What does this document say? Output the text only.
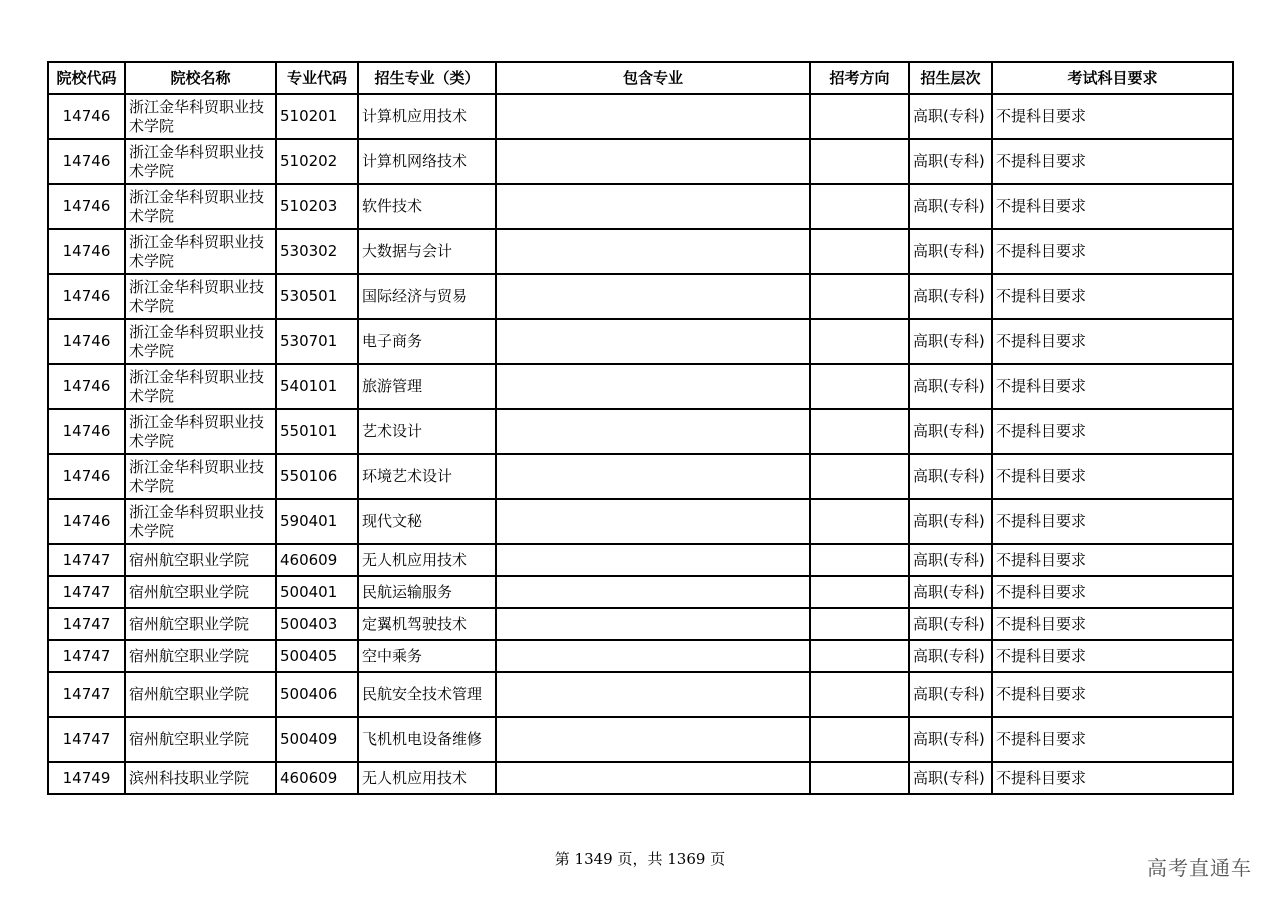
院校代码	院校名称	专业代码	招生专业（类）	包含专业	招考方向	招生层次	考试科目要求
14746	浙江金华科贸职业技术学院	510201	计算机应用技术			高职(专科)	不提科目要求
14746	浙江金华科贸职业技术学院	510202	计算机网络技术			高职(专科)	不提科目要求
14746	浙江金华科贸职业技术学院	510203	软件技术			高职(专科)	不提科目要求
14746	浙江金华科贸职业技术学院	530302	大数据与会计			高职(专科)	不提科目要求
14746	浙江金华科贸职业技术学院	530501	国际经济与贸易			高职(专科)	不提科目要求
14746	浙江金华科贸职业技术学院	530701	电子商务			高职(专科)	不提科目要求
14746	浙江金华科贸职业技术学院	540101	旅游管理			高职(专科)	不提科目要求
14746	浙江金华科贸职业技术学院	550101	艺术设计			高职(专科)	不提科目要求
14746	浙江金华科贸职业技术学院	550106	环境艺术设计			高职(专科)	不提科目要求
14746	浙江金华科贸职业技术学院	590401	现代文秘			高职(专科)	不提科目要求
14747	宿州航空职业学院	460609	无人机应用技术			高职(专科)	不提科目要求
14747	宿州航空职业学院	500401	民航运输服务			高职(专科)	不提科目要求
14747	宿州航空职业学院	500403	定翼机驾驶技术			高职(专科)	不提科目要求
14747	宿州航空职业学院	500405	空中乘务			高职(专科)	不提科目要求
14747	宿州航空职业学院	500406	民航安全技术管理			高职(专科)	不提科目要求
14747	宿州航空职业学院	500409	飞机机电设备维修			高职(专科)	不提科目要求
14749	滨州科技职业学院	460609	无人机应用技术			高职(专科)	不提科目要求
第 1349 页，共 1369 页	高考直通车
